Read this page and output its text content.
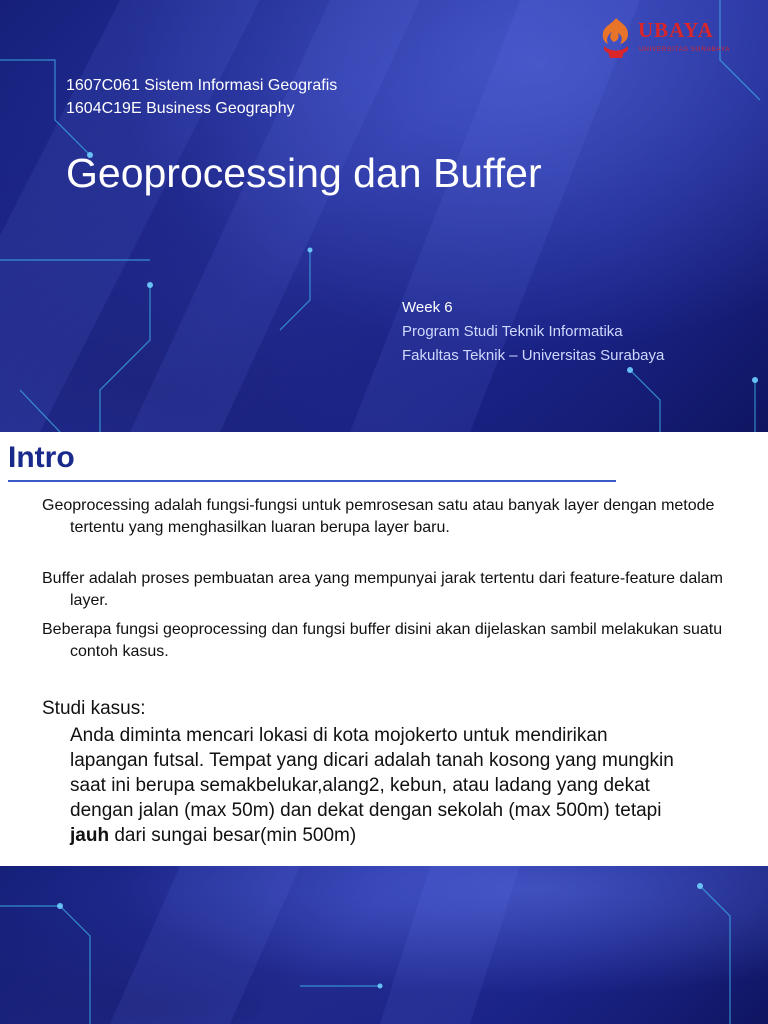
UBAYA
UNIVERSITAS SURABAYA
1607C061 Sistem Informasi Geografis
1604C19E Business Geography
Geoprocessing dan Buffer
Week 6
Program Studi Teknik Informatika
Fakultas Teknik – Universitas Surabaya
Intro

Geoprocessing adalah fungsi-fungsi untuk pemrosesan satu atau banyak layer dengan metode tertentu yang menghasilkan luaran berupa layer baru.

Buffer adalah proses pembuatan area yang mempunyai jarak tertentu dari feature-feature dalam layer.

Beberapa fungsi geoprocessing dan fungsi buffer disini akan dijelaskan sambil melakukan suatu contoh kasus.

Studi kasus:

Anda diminta mencari lokasi di kota mojokerto untuk mendirikan lapangan futsal. Tempat yang dicari adalah tanah kosong yang mungkin saat ini berupa semakbelukar,alang2, kebun, atau ladang yang dekat dengan jalan (max 50m) dan dekat dengan sekolah (max 500m) tetapi jauh dari sungai besar(min 500m)
